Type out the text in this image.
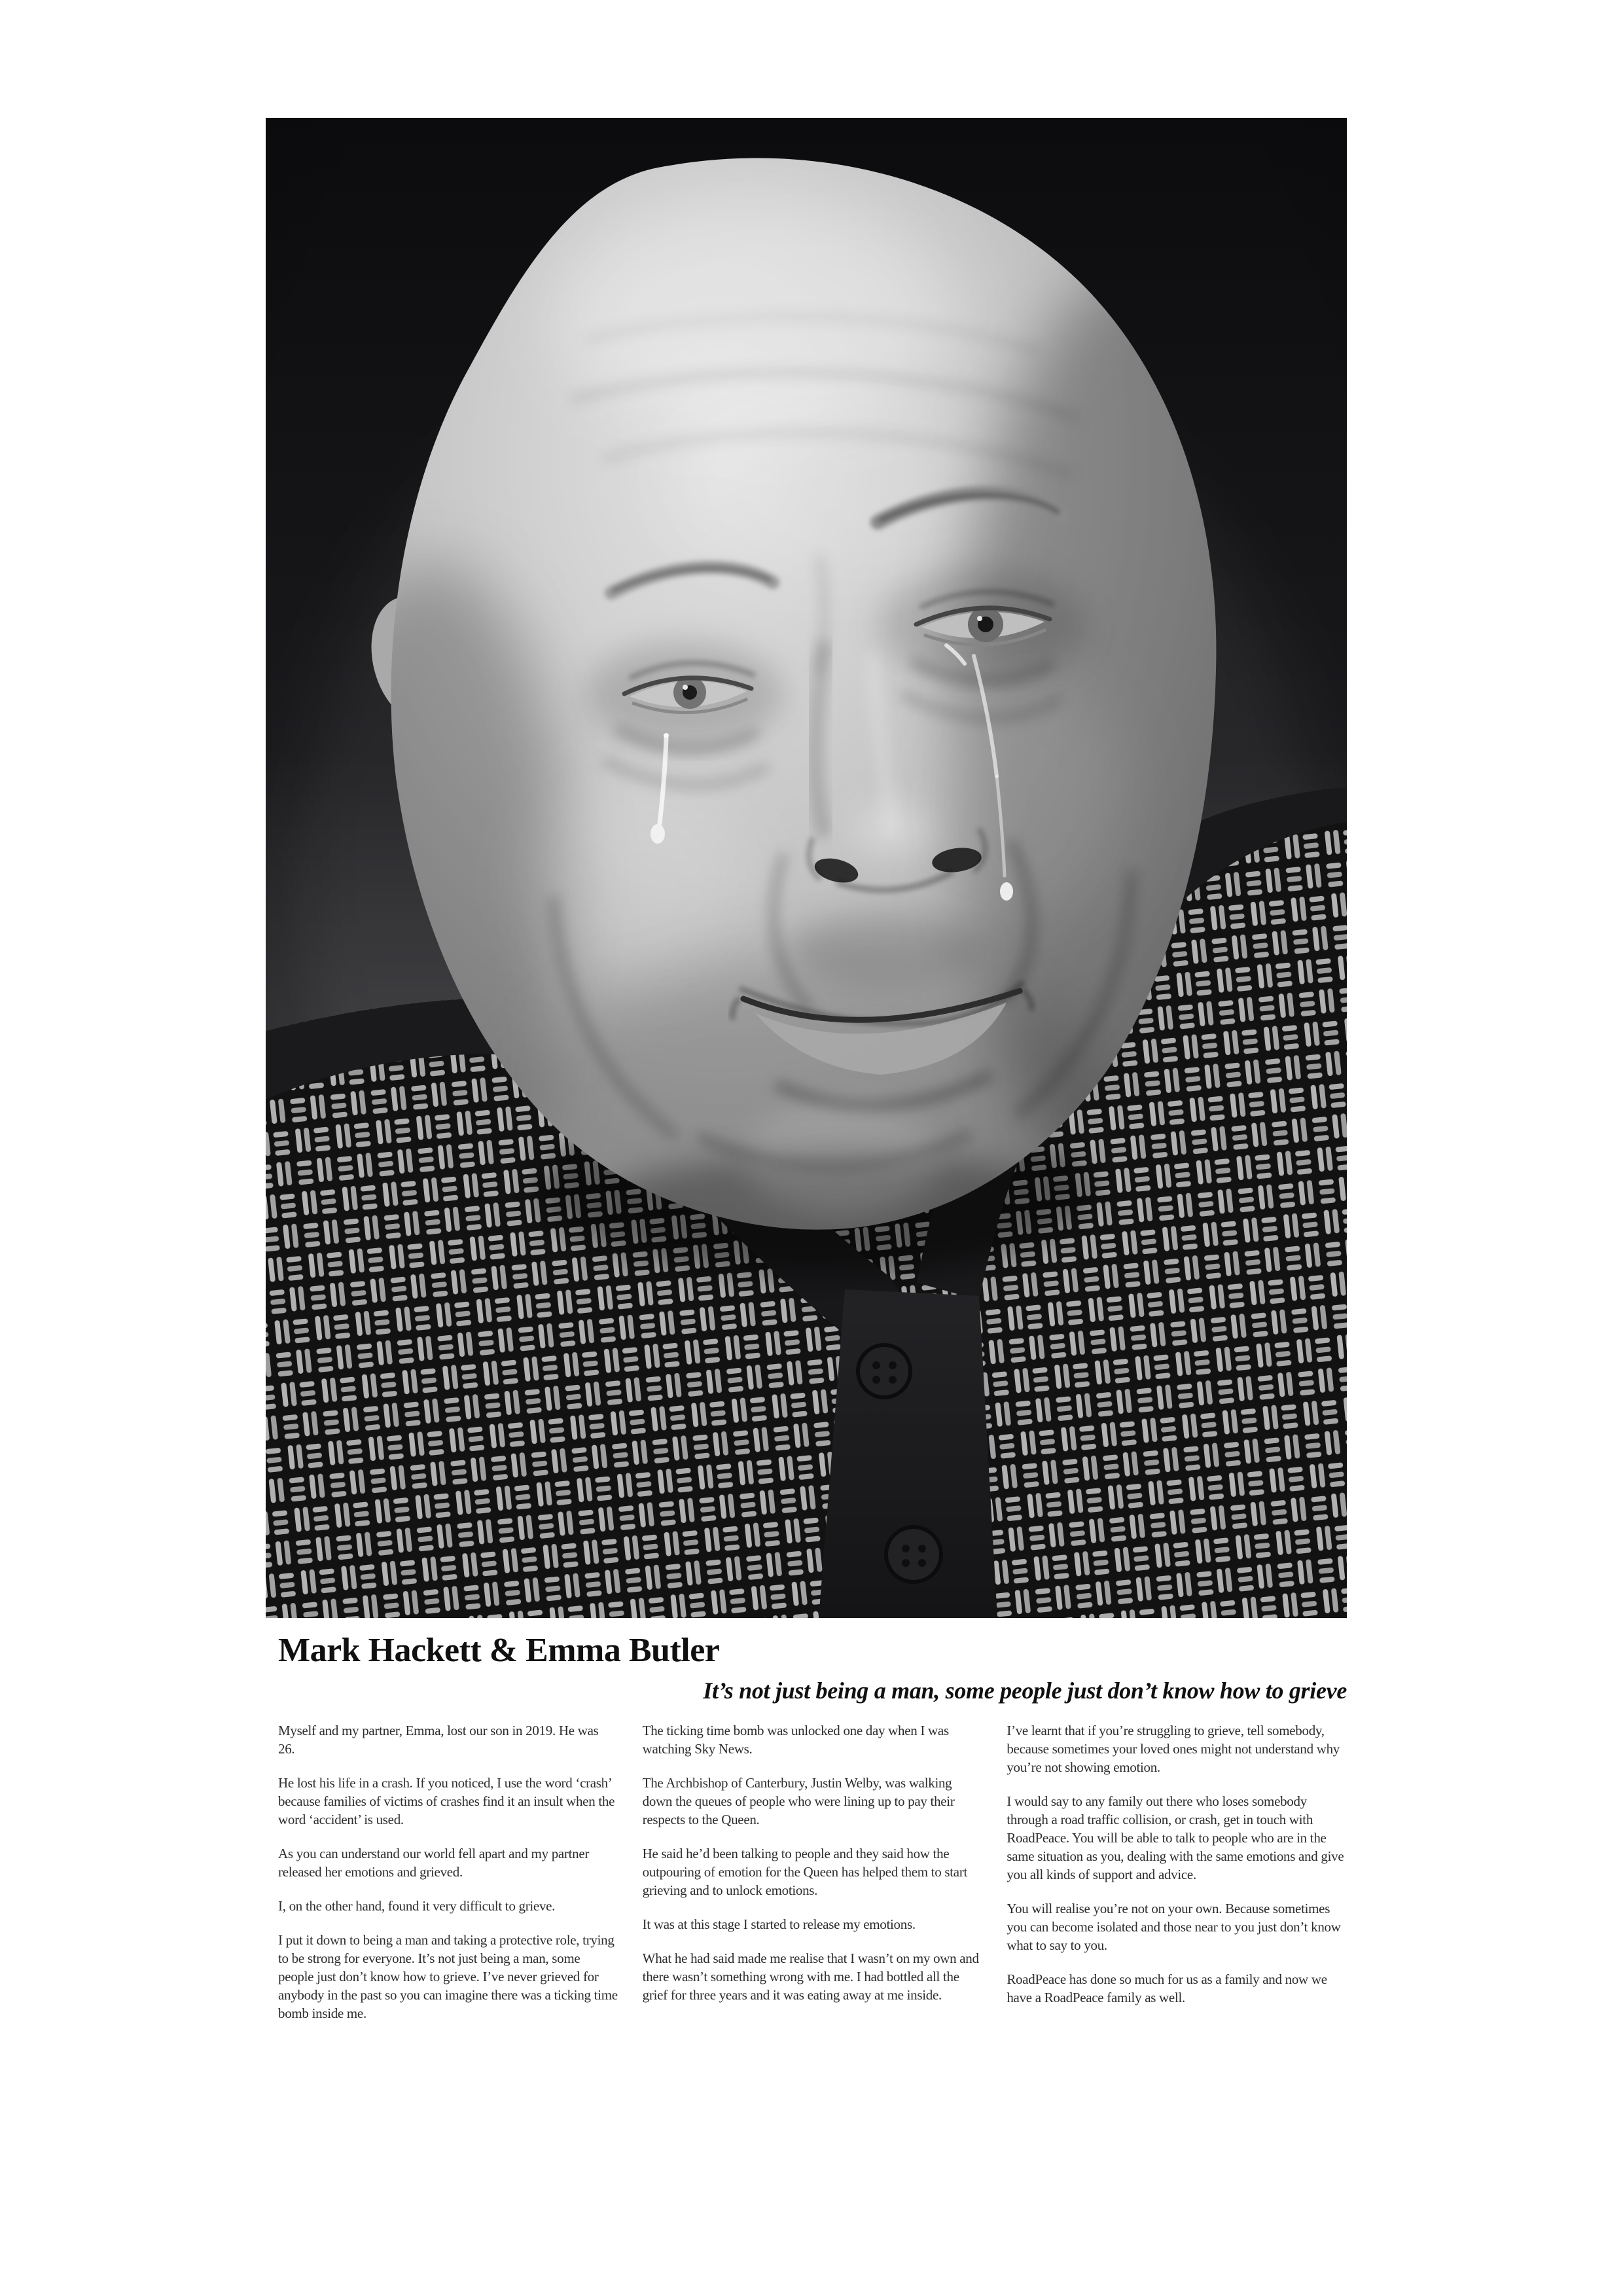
Mark Hackett & Emma Butler

It’s not just being a man, some people just don’t know how to grieve

Myself and my partner, Emma, lost our son in 2019. He was 26.

He lost his life in a crash. If you noticed, I use the word ‘crash’ because families of victims of crashes find it an insult when the word ‘accident’ is used.

As you can understand our world fell apart and my partner released her emotions and grieved.

I, on the other hand, found it very difficult to grieve.

I put it down to being a man and taking a protective role, trying to be strong for everyone. It’s not just being a man, some people just don’t know how to grieve. I’ve never grieved for anybody in the past so you can imagine there was a ticking time bomb inside me.

The ticking time bomb was unlocked one day when I was watching Sky News.

The Archbishop of Canterbury, Justin Welby, was walking down the queues of people who were lining up to pay their respects to the Queen.

He said he’d been talking to people and they said how the outpouring of emotion for the Queen has helped them to start grieving and to unlock emotions.

It was at this stage I started to release my emotions.

What he had said made me realise that I wasn’t on my own and there wasn’t something wrong with me. I had bottled all the grief for three years and it was eating away at me inside.

I’ve learnt that if you’re struggling to grieve, tell somebody, because sometimes your loved ones might not understand why you’re not showing emotion.

I would say to any family out there who loses somebody through a road traffic collision, or crash, get in touch with RoadPeace. You will be able to talk to people who are in the same situation as you, dealing with the same emotions and give you all kinds of support and advice.

You will realise you’re not on your own. Because sometimes you can become isolated and those near to you just don’t know what to say to you.

RoadPeace has done so much for us as a family and now we have a RoadPeace family as well.
